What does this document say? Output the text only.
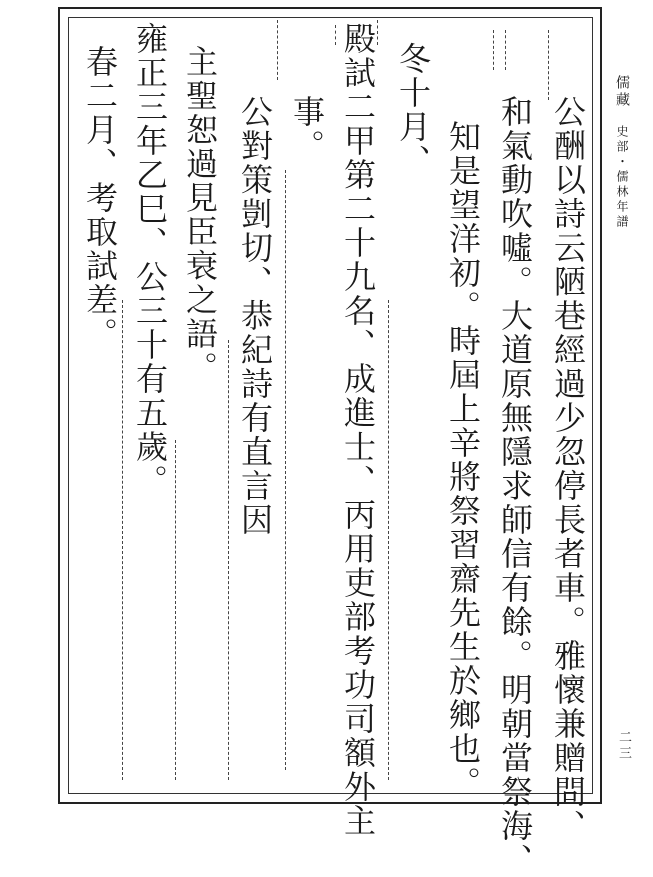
公酬以詩云陋巷經過少忽停長者車。雅懷兼贈問、
和氣動吹噓。大道原無隱求師信有餘。明朝當祭海、
知是望洋初。時屆上辛將祭習齋先生於鄉也。
冬十月、
殿試二甲第二十九名、成進士、丙用吏部考功司額外主
事。
公對策剴切、恭紀詩有直言因
主聖恕過見臣衰之語。
雍正三年乙巳、公三十有五歲。
春二月、考取試差。	儒藏
史部・儒林年譜
二三
